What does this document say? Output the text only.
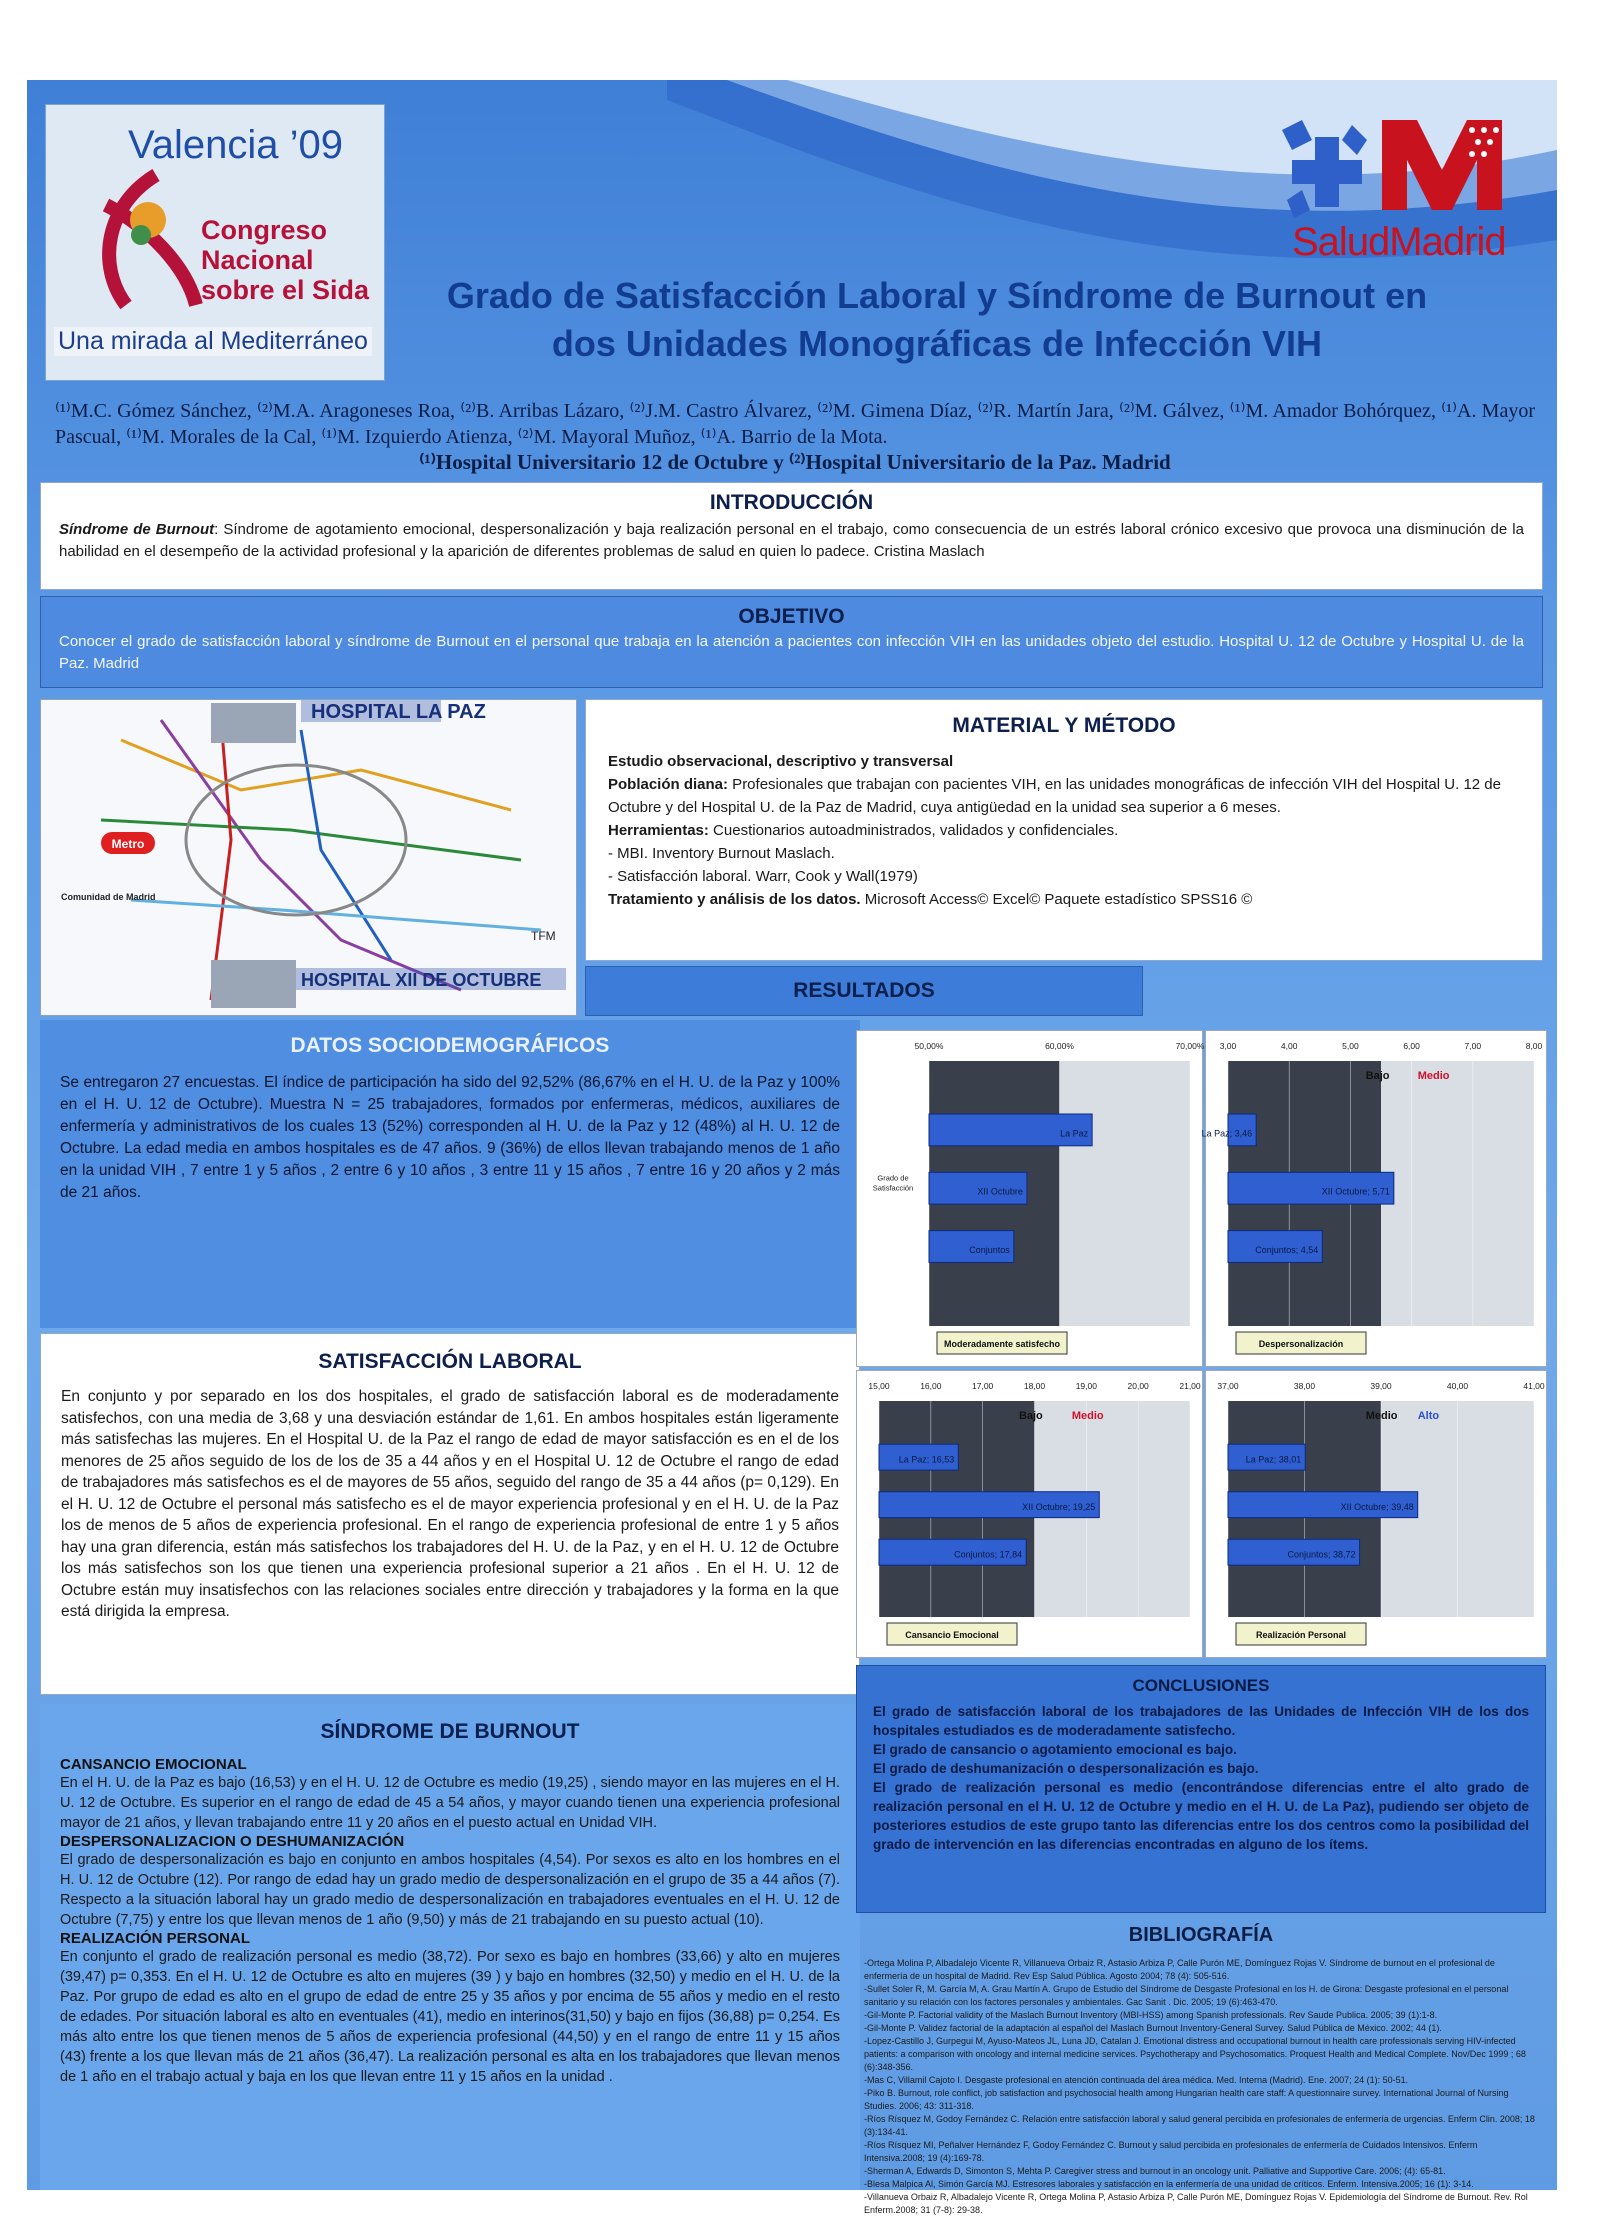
Valencia ’09
Congreso
Nacional
sobre el Sida
Una mirada al Mediterráneo
SaludMadrid
Grado de Satisfacción Laboral y Síndrome de Burnout en
dos Unidades Monográficas de Infección VIH
⁽¹⁾M.C. Gómez Sánchez, ⁽²⁾M.A. Aragoneses Roa, ⁽²⁾B. Arribas Lázaro, ⁽²⁾J.M. Castro Álvarez, ⁽²⁾M. Gimena Díaz, ⁽²⁾R. Martín Jara, ⁽²⁾M. Gálvez, ⁽¹⁾M. Amador Bohórquez, ⁽¹⁾A. Mayor Pascual, ⁽¹⁾M. Morales de la Cal, ⁽¹⁾M. Izquierdo Atienza, ⁽²⁾M. Mayoral Muñoz, ⁽¹⁾A. Barrio de la Mota.
⁽¹⁾Hospital Universitario 12 de Octubre y ⁽²⁾Hospital Universitario de la Paz. Madrid

INTRODUCCIÓN

Síndrome de Burnout: Síndrome de agotamiento emocional, despersonalización y baja realización personal en el trabajo, como consecuencia de un estrés laboral crónico excesivo que provoca una disminución de la habilidad en el desempeño de la actividad profesional y la aparición de diferentes problemas de salud en quien lo padece. Cristina Maslach

OBJETIVO

Conocer el grado de satisfacción laboral y síndrome de Burnout en el personal que trabaja en la atención a pacientes con infección VIH en las unidades objeto del estudio. Hospital U. 12 de Octubre y Hospital U. de la Paz. Madrid

Metro
Comunidad de Madrid
TFM
HOSPITAL LA PAZ
HOSPITAL XII DE OCTUBRE

MATERIAL Y MÉTODO

Estudio observacional, descriptivo y transversal
Población diana: Profesionales que trabajan con pacientes VIH, en las unidades monográficas de infección VIH del Hospital U. 12 de Octubre y del Hospital U. de la Paz de Madrid, cuya antigüedad en la unidad sea superior a 6 meses.
Herramientas: Cuestionarios autoadministrados, validados y confidenciales.
- MBI. Inventory Burnout Maslach.
- Satisfacción laboral. Warr, Cook y Wall(1979)
Tratamiento y análisis de los datos. Microsoft Access© Excel© Paquete estadístico SPSS16 ©

RESULTADOS

DATOS SOCIODEMOGRÁFICOS

Se entregaron 27 encuestas. El índice de participación ha sido del 92,52% (86,67% en el H. U. de la Paz y 100% en el H. U. 12 de Octubre). Muestra N = 25 trabajadores, formados por enfermeras, médicos, auxiliares de enfermería y administrativos de los cuales 13 (52%) corresponden al H. U. de la Paz y 12 (48%) al H. U. 12 de Octubre. La edad media en ambos hospitales es de 47 años. 9 (36%) de ellos llevan trabajando menos de 1 año en la unidad VIH , 7 entre 1 y 5 años , 2 entre 6 y 10 años , 3 entre 11 y 15 años , 7 entre 16 y 20 años y 2 más de 21 años.

SATISFACCIÓN LABORAL

En conjunto y por separado en los dos hospitales, el grado de satisfacción laboral es de moderadamente satisfechos, con una media de 3,68 y una desviación estándar de 1,61. En ambos hospitales están ligeramente más satisfechas las mujeres. En el Hospital U. de la Paz el rango de edad de mayor satisfacción es en el de los menores de 25 años seguido de los de los de 35 a 44 años y en el Hospital U. 12 de Octubre el rango de edad de trabajadores más satisfechos es el de mayores de 55 años, seguido del rango de 35 a 44 años (p= 0,129). En el H. U. 12 de Octubre el personal más satisfecho es el de mayor experiencia profesional y en el H. U. de la Paz los de menos de 5 años de experiencia profesional. En el rango de experiencia profesional de entre 1 y 5 años hay una gran diferencia, están más satisfechos los trabajadores del H. U. de la Paz, y en el H. U. 12 de Octubre los más satisfechos son los que tienen una experiencia profesional superior a 21 años . En el H. U. 12 de Octubre están muy insatisfechos con las relaciones sociales entre dirección y trabajadores y la forma en la que está dirigida la empresa.

SÍNDROME DE BURNOUT

CANSANCIO EMOCIONAL

En el H. U. de la Paz es bajo (16,53) y en el H. U. 12 de Octubre es medio (19,25) , siendo mayor en las mujeres en el H. U. 12 de Octubre. Es superior en el rango de edad de 45 a 54 años, y mayor cuando tienen una experiencia profesional mayor de 21 años, y llevan trabajando entre 11 y 20 años en el puesto actual en Unidad VIH.

DESPERSONALIZACION O DESHUMANIZACIÓN

El grado de despersonalización es bajo en conjunto en ambos hospitales (4,54). Por sexos es alto en los hombres en el H. U. 12 de Octubre (12). Por rango de edad hay un grado medio de despersonalización en el grupo de 35 a 44 años (7). Respecto a la situación laboral hay un grado medio de despersonalización en trabajadores eventuales en el H. U. 12 de Octubre (7,75) y entre los que llevan menos de 1 año (9,50) y más de 21 trabajando en su puesto actual (10).

REALIZACIÓN PERSONAL

En conjunto el grado de realización personal es medio (38,72). Por sexo es bajo en hombres (33,66) y alto en mujeres (39,47) p= 0,353. En el H. U. 12 de Octubre es alto en mujeres (39 ) y bajo en hombres (32,50) y medio en el H. U. de la Paz. Por grupo de edad es alto en el grupo de edad de entre 25 y 35 años y por encima de 55 años y medio en el resto de edades. Por situación laboral es alto en eventuales (41), medio en interinos(31,50) y bajo en fijos (36,88) p= 0,254. Es más alto entre los que tienen menos de 5 años de experiencia profesional (44,50) y en el rango de entre 11 y 15 años (43) frente a los que llevan más de 21 años (36,47). La realización personal es alta en los trabajadores que llevan menos de 1 año en el trabajo actual y baja en los que llevan entre 11 y 15 años en la unidad .

50,00%	60,00%	70,00%
Grado de Satisfacción
La Paz
XII Octubre
Conjuntos
Moderadamente satisfecho
3,00	4,00	5,00	6,00	7,00	8,00
Bajo	Medio
La Paz; 3,46
XII Octubre; 5,71
Conjuntos; 4,54
Despersonalización
15,00	16,00	17,00	18,00	19,00	20,00	21,00
Bajo	Medio
La Paz; 16,53
XII Octubre; 19,25
Conjuntos; 17,84
Cansancio Emocional
37,00	38,00	39,00	40,00	41,00
Medio Alto
La Paz; 38,01
XII Octubre; 39,48
Conjuntos; 38,72
Realización Personal

CONCLUSIONES

El grado de satisfacción laboral de los trabajadores de las Unidades de Infección VIH de los dos hospitales estudiados es de moderadamente satisfecho.

El grado de cansancio o agotamiento emocional es bajo.

El grado de deshumanización o despersonalización es bajo.

El grado de realización personal es medio (encontrándose diferencias entre el alto grado de realización personal en el H. U. 12 de Octubre y medio en el H. U. de La Paz), pudiendo ser objeto de posteriores estudios de este grupo tanto las diferencias entre los dos centros como la posibilidad del grado de intervención en las diferencias encontradas en alguno de los ítems.

BIBLIOGRAFÍA

-Ortega Molina P, Albadalejo Vicente R, Villanueva Orbaiz R, Astasio Arbiza P, Calle Purón ME, Domínguez Rojas V. Síndrome de burnout en el profesional de enfermería de un hospital de Madrid. Rev Esp Salud Pública. Agosto 2004; 78 (4): 505-516.

-Sullet Soler R, M. García M, A. Grau Martín A. Grupo de Estudio del Síndrome de Desgaste Profesional en los H. de Girona: Desgaste profesional en el personal sanitario y su relación con los factores personales y ambientales. Gac Sanit . Dic. 2005; 19 (6):463-470.

-Gil-Monte P. Factorial validity of the Maslach Burnout Inventory (MBI-HSS) among Spanish professionals. Rev Saude Publica. 2005; 39 (1):1-8.

-Gil-Monte P. Validez factorial de la adaptación al español del Maslach Burnout Inventory-General Survey. Salud Pública de México. 2002; 44 (1).

-Lopez-Castillo J, Gurpegui M, Ayuso-Mateos JL, Luna JD, Catalan J. Emotional distress and occupational burnout in health care professionals serving HIV-infected patients: a comparison with oncology and internal medicine services. Psychotherapy and Psychosomatics. Proquest Health and Medical Complete. Nov/Dec 1999 ; 68 (6):348-356.

-Mas C, Villamil Cajoto I. Desgaste profesional en atención continuada del área médica. Med. Interna (Madrid). Ene. 2007; 24 (1): 50-51.

-Piko B. Burnout, role conflict, job satisfaction and psychosocial health among Hungarian health care staff: A questionnaire survey. International Journal of Nursing Studies. 2006; 43: 311-318.

-Ríos Rísquez M, Godoy Fernández C. Relación entre satisfacción laboral y salud general percibida en profesionales de enfermería de urgencias. Enferm Clin. 2008; 18 (3):134-41.

-Ríos Rísquez MI, Peñalver Hernández F, Godoy Fernández C. Burnout y salud percibida en profesionales de enfermería de Cuidados Intensivos. Enferm Intensiva.2008; 19 (4):169-78.

-Sherman A, Edwards D, Simonton S, Mehta P. Caregiver stress and burnout in an oncology unit. Palliative and Supportive Care. 2006; (4): 65-81.

-Blesa Malpica Al, Simón García MJ. Estresores laborales y satisfacción en la enfermería de una unidad de críticos. Enferm. Intensiva.2005; 16 (1): 3-14.

-Villanueva Orbaiz R, Albadalejo Vicente R, Ortega Molina P, Astasio Arbiza P, Calle Purón ME, Domínguez Rojas V. Epidemiología del Síndrome de Burnout. Rev. Rol Enferm.2008; 31 (7-8): 29-38.
